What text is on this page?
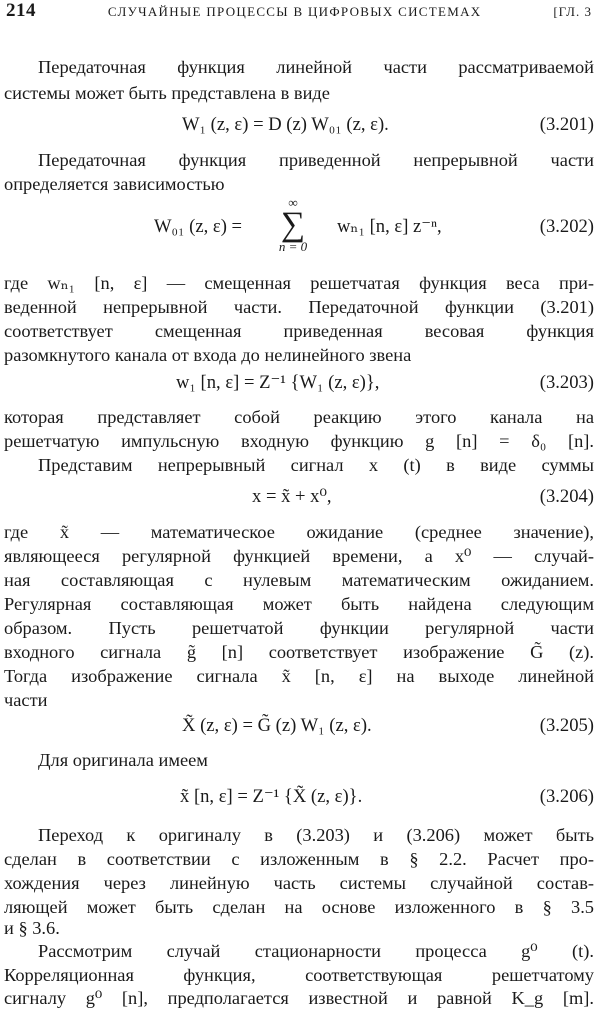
214	СЛУЧАЙНЫЕ ПРОЦЕССЫ В ЦИФРОВЫХ СИСТЕМАХ	[ГЛ. 3
Передаточная функция линейной части рассматриваемой
системы может быть представлена в виде
W₁ (z, ε) = D (z) W₀₁ (z, ε).	(3.201)
Передаточная функция приведенной непрерывной части
определяется зависимостью
W₀₁ (z, ε) =	wₙ₁ [n, ε] z⁻ⁿ,	(3.202)
∞
∑
n = 0
где wₙ₁ [n, ε] — смещенная решетчатая функция веса при-
веденной непрерывной части. Передаточной функции (3.201)
соответствует смещенная приведенная весовая функция
разомкнутого канала от входа до нелинейного звена
w₁ [n, ε] = Z⁻¹ {W₁ (z, ε)},	(3.203)
которая представляет собой реакцию этого канала на
решетчатую импульсную входную функцию g [n] = δ₀ [n].
Представим непрерывный сигнал x (t) в виде суммы
x = x̃ + x⁰,	(3.204)
где x̃ — математическое ожидание (среднее значение),
являющееся регулярной функцией времени, а x⁰ — случай-
ная составляющая с нулевым математическим ожиданием.
Регулярная составляющая может быть найдена следующим
образом. Пусть решетчатой функции регулярной части
входного сигнала g̃ [n] соответствует изображение G̃ (z).
Тогда изображение сигнала x̃ [n, ε] на выходе линейной
части
X̃ (z, ε) = G̃ (z) W₁ (z, ε).	(3.205)
Для оригинала имеем
x̃ [n, ε] = Z⁻¹ {X̃ (z, ε)}.	(3.206)
Переход к оригиналу в (3.203) и (3.206) может быть
сделан в соответствии с изложенным в § 2.2. Расчет про-
хождения через линейную часть системы случайной состав-
ляющей может быть сделан на основе изложенного в § 3.5
и § 3.6.
Рассмотрим случай стационарности процесса g⁰ (t).
Корреляционная функция, соответствующая решетчатому
сигналу g⁰ [n], предполагается известной и равной K_g [m].
